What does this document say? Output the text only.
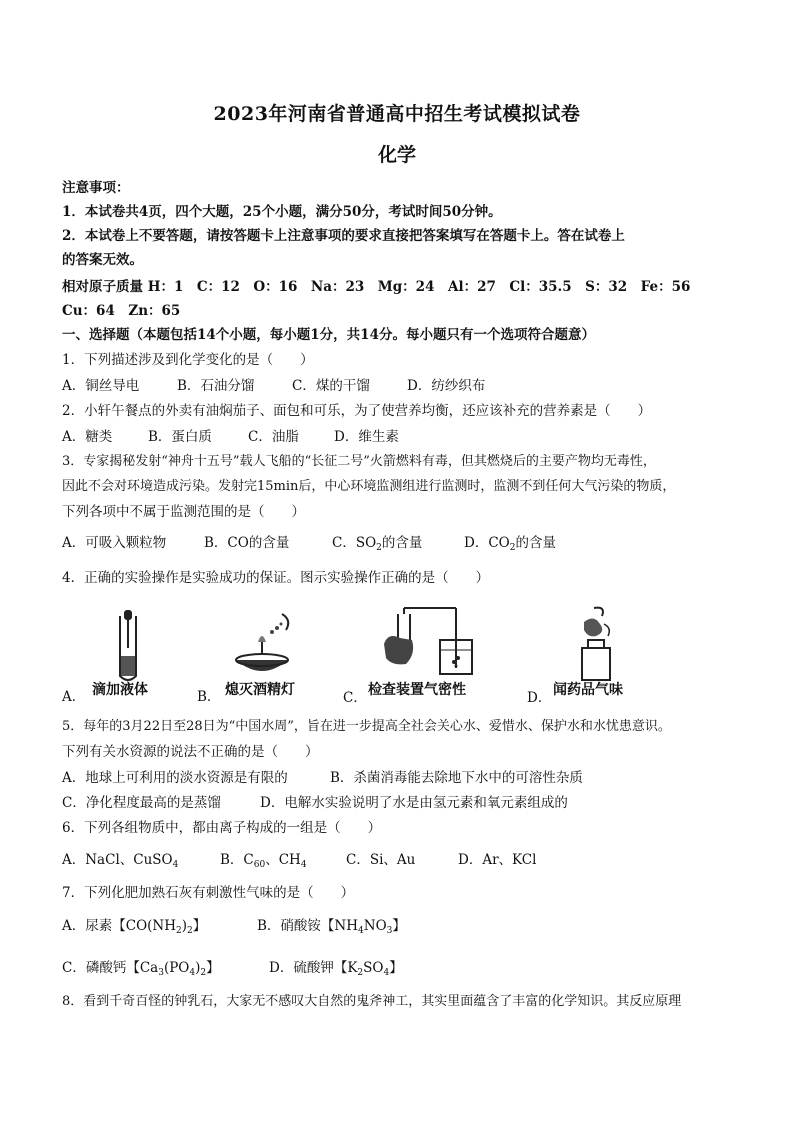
2023年河南省普通高中招生考试模拟试卷
化学
注意事项：
1．本试卷共4页，四个大题，25个小题，满分50分，考试时间50分钟。
2．本试卷上不要答题，请按答题卡上注意事项的要求直接把答案填写在答题卡上。答在试卷上
的答案无效。
相对原子质量 H：1　C：12　O：16　Na：23　Mg：24　Al：27　Cl：35.5　S：32　Fe：56
Cu：64　Zn：65
一、选择题（本题包括14个小题，每小题1分，共14分。每小题只有一个选项符合题意）
1．下列描述涉及到化学变化的是（　　）
A．铜丝导电	B．石油分馏	C．煤的干馏	D．纺纱织布
2．小轩午餐点的外卖有油焖茄子、面包和可乐，为了使营养均衡，还应该补充的营养素是（　　）
A．糖类	B．蛋白质	C．油脂	D．维生素
3．专家揭秘发射“神舟十五号”载人飞船的“长征二号”火箭燃料有毒，但其燃烧后的主要产物均无毒性，
因此不会对环境造成污染。发射完15min后，中心环境监测组进行监测时，监测不到任何大气污染的物质，
下列各项中不属于监测范围的是（　　）
A．可吸入颗粒物	B．CO的含量	C．$SO_2$的含量	D．$CO_2$的含量
4．正确的实验操作是实验成功的保证。图示实验操作正确的是（　　）
A． 滴加液体	B． 熄灭酒精灯	C． 检查装置气密性	D． 闻药品气味
5．每年的3月22日至28日为“中国水周”，旨在进一步提高全社会关心水、爱惜水、保护水和水忧患意识。
下列有关水资源的说法不正确的是（　　）
A．地球上可利用的淡水资源是有限的	B．杀菌消毒能去除地下水中的可溶性杂质
C．净化程度最高的是蒸馏	D．电解水实验说明了水是由氢元素和氧元素组成的
6．下列各组物质中，都由离子构成的一组是（　　）
A．NaCl、CuSO$_4$	B．$C_{60}$、$CH_4$	C．Si、Au	D．Ar、KCl
7．下列化肥加熟石灰有刺激性气味的是（　　）
A．尿素【$CO(NH_2)_2$】	B．硝酸铵【$NH_4NO_3$】
C．磷酸钙【$Ca_3(PO_4)_2$】	D．硫酸钾【$K_2SO_4$】
8．看到千奇百怪的钟乳石，大家无不感叹大自然的鬼斧神工，其实里面蕴含了丰富的化学知识。其反应原理
